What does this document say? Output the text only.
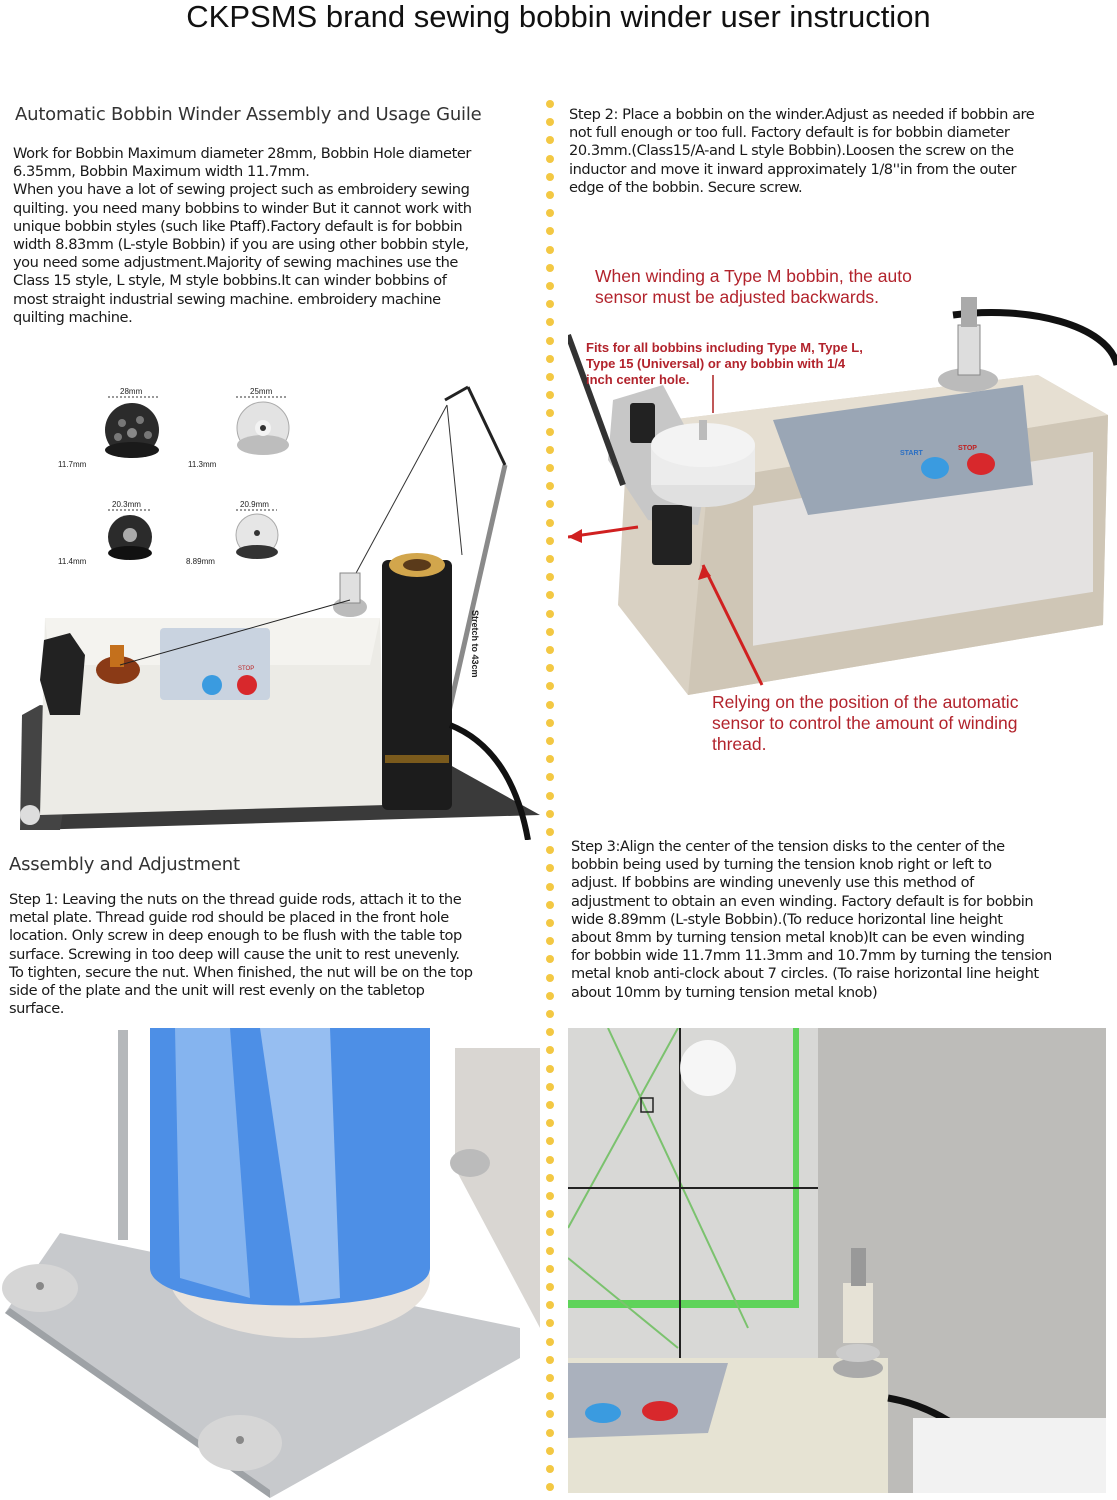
CKPSMS brand sewing bobbin winder user instruction
Automatic Bobbin Winder Assembly and Usage Guile
Work for Bobbin Maximum diameter 28mm, Bobbin Hole diameter
6.35mm, Bobbin Maximum width 11.7mm.
When you have a lot of sewing project such as embroidery sewing
quilting. you need many bobbins to winder But it cannot work with
unique bobbin styles (such like Ptaff).Factory default is for bobbin
width 8.83mm (L-style Bobbin) if you are using other bobbin style,
you need some adjustment.Majority of sewing machines use the
Class 15 style, L style, M style bobbins.It can winder bobbins of
most straight industrial sewing machine. embroidery machine
quilting machine.
STOP
28mm
11.7mm
25mm
11.3mm
20.3mm
11.4mm
20.9mm
8.89mm
Stretch to 43cm
Assembly and Adjustment
Step 1: Leaving the nuts on the thread guide rods, attach it to the
metal plate. Thread guide rod should be placed in the front hole
location. Only screw in deep enough to be flush with the table top
surface. Screwing in too deep will cause the unit to rest unevenly.
To tighten, secure the nut. When finished, the nut will be on the top
side of the plate and the unit will rest evenly on the tabletop
surface.
Step 2: Place a bobbin on the winder.Adjust as needed if bobbin are
not full enough or too full. Factory default is for bobbin diameter
20.3mm.(Class15/A-and L style Bobbin).Loosen the screw on the
inductor and move it inward approximately 1/8''in from the outer
edge of the bobbin. Secure screw.
START
STOP
When winding a Type M bobbin, the auto
sensor must be adjusted backwards.
Fits for all bobbins including Type M, Type L,
Type 15 (Universal) or any bobbin with 1/4
inch center hole.
Relying on the position of the automatic
sensor to control the amount of winding
thread.
Step 3:Align the center of the tension disks to the center of the
bobbin being used by turning the tension knob right or left to
adjust. If bobbins are winding unevenly use this method of
adjustment to obtain an even winding. Factory default is for bobbin
wide 8.89mm (L-style Bobbin).(To reduce horizontal line height
about 8mm by turning tension metal knob)It can be even winding
for bobbin wide 11.7mm 11.3mm and 10.7mm by turning the tension
metal knob anti-clock about 7 circles. (To raise horizontal line height
about 10mm by turning tension metal knob)
